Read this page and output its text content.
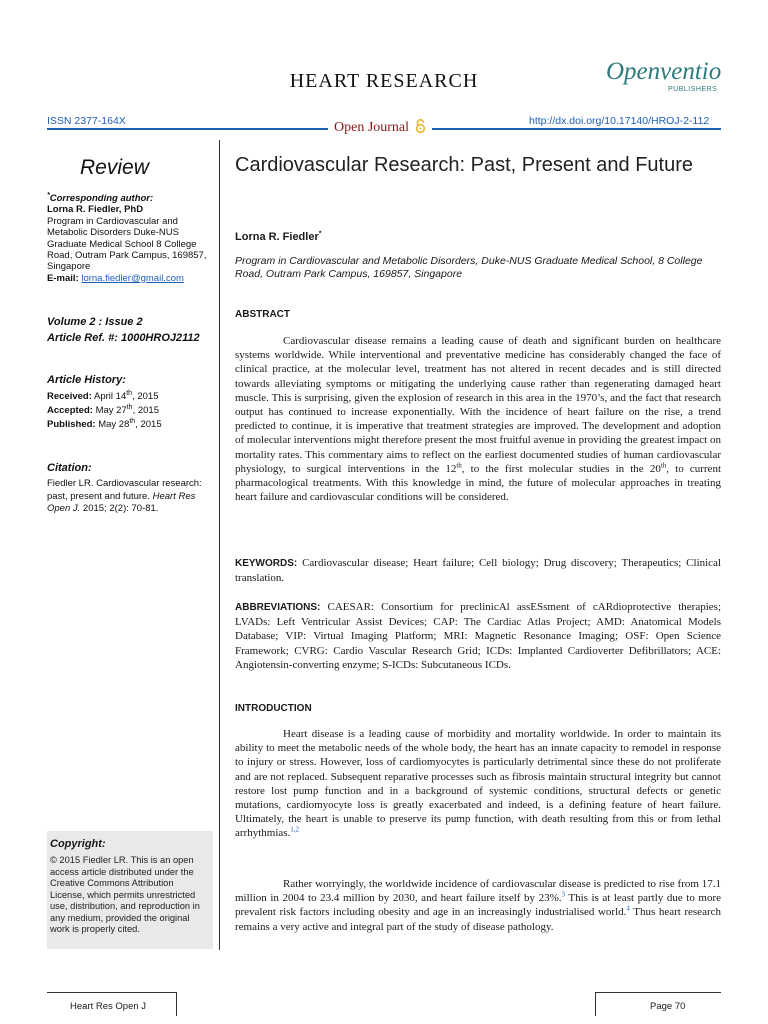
HEART RESEARCH	Openventio
PUBLISHERS
ISSN 2377-164X	http://dx.doi.org/10.17140/HROJ-2-112
Open Journal
Review
*Corresponding author:
Lorna R. Fiedler, PhD
Program in Cardiovascular and Metabolic Disorders Duke-NUS Graduate Medical School 8 College Road, Outram Park Campus, 169857, Singapore
E-mail: lorna.fiedler@gmail.com
Volume 2 : Issue 2
Article Ref. #: 1000HROJ2112
Article History:
Received: April 14th, 2015
Accepted: May 27th, 2015
Published: May 28th, 2015
Citation:
Fiedler LR. Cardiovascular research: past, present and future. Heart Res Open J. 2015; 2(2): 70-81.
Copyright:
© 2015 Fiedler LR. This is an open access article distributed under the Creative Commons Attribution License, which permits unrestricted use, distribution, and reproduction in any medium, provided the original work is properly cited.
Cardiovascular Research: Past, Present and Future
Lorna R. Fiedler*
Program in Cardiovascular and Metabolic Disorders, Duke-NUS Graduate Medical School, 8 College Road, Outram Park Campus, 169857, Singapore
ABSTRACT
Cardiovascular disease remains a leading cause of death and significant burden on healthcare systems worldwide. While interventional and preventative medicine has considerably changed the face of clinical practice, at the molecular level, treatment has not altered in recent decades and is still directed towards alleviating symptoms or mitigating the underlying cause rather than regenerating damaged heart muscle. This is surprising, given the explosion of research in this area in the 1970’s, and the fact that research output has continued to increase exponentially. With the incidence of heart failure on the rise, a trend predicted to continue, it is imperative that treatment strategies are improved. The development and adoption of molecular interventions might therefore present the most fruitful avenue in providing the greatest impact on mortality rates. This commentary aims to reflect on the earliest documented studies of human cardiovascular physiology, to surgical interventions in the 12th, to the first molecular studies in the 20th, to current pharmacological treatments. With this knowledge in mind, the future of molecular approaches in treating heart failure and cardiovascular conditions will be considered.
KEYWORDS: Cardiovascular disease; Heart failure; Cell biology; Drug discovery; Therapeutics; Clinical translation.
ABBREVIATIONS: CAESAR: Consortium for preclinicAl assESsment of cARdioprotective therapies; LVADs: Left Ventricular Assist Devices; CAP: The Cardiac Atlas Project; AMD: Anatomical Models Database; VIP: Virtual Imaging Platform; MRI: Magnetic Resonance Imaging; OSF: Open Science Framework; CVRG: Cardio Vascular Research Grid; ICDs: Implanted Cardioverter Defibrillators; ACE: Angiotensin-converting enzyme; S-ICDs: Subcutaneous ICDs.
INTRODUCTION
Heart disease is a leading cause of morbidity and mortality worldwide. In order to maintain its ability to meet the metabolic needs of the whole body, the heart has an innate capacity to remodel in response to injury or stress. However, loss of cardiomyocytes is particularly detrimental since these do not proliferate and are not replaced. Subsequent reparative processes such as fibrosis maintain structural integrity but cannot restore lost pump function and in a background of systemic conditions, structural defects or genetic mutations, cardiomyocyte loss is greatly exacerbated and indeed, is a defining feature of heart failure. Ultimately, the heart is unable to preserve its pump function, with death resulting from this or from lethal arrhythmias.$^{1,2}$
Rather worryingly, the worldwide incidence of cardiovascular disease is predicted to rise from 17.1 million in 2004 to 23.4 million by 2030, and heart failure itself by 23%.$^3$ This is at least partly due to more prevalent risk factors including obesity and age in an increasingly industrialised world.$^4$ Thus heart research remains a very active and integral part of the study of disease pathology.
Heart Res Open J	Page 70
